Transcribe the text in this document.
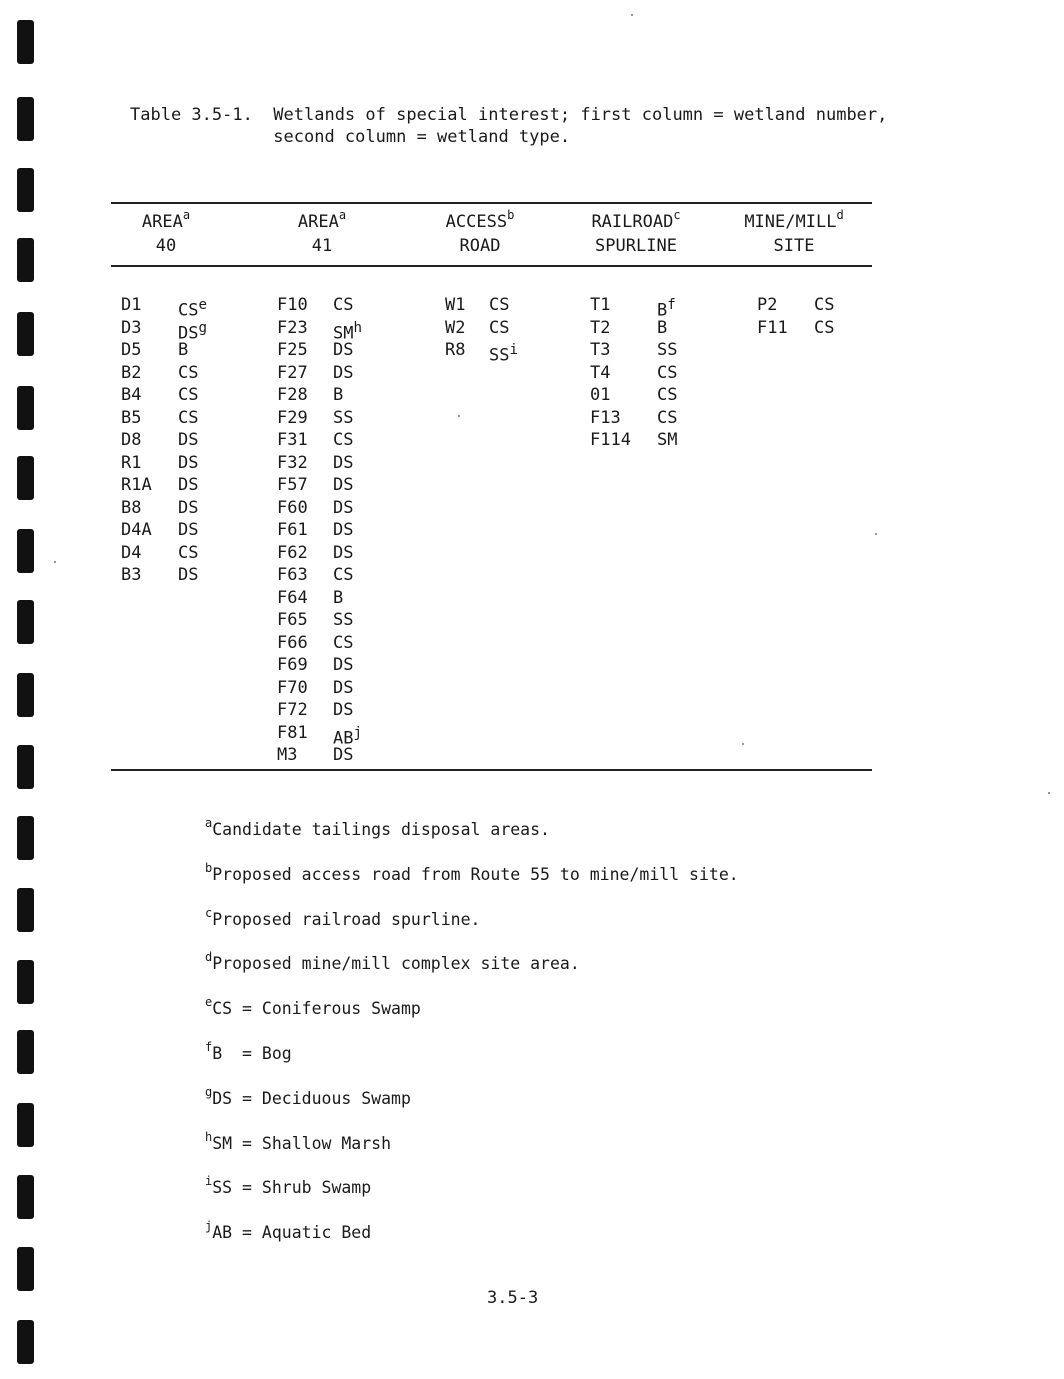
Table 3.5-1.  Wetlands of special interest; first column = wetland number,
second column = wetland type.
AREA$^a$
40
AREA$^a$
41
ACCESS$^b$
ROAD
RAILROAD$^c$
SPURLINE
MINE/MILL$^d$
SITE
D1 $CS^e$
D3 $DS^g$
D5 B
B2 CS
B4 CS
B5 CS
D8 DS
R1 DS
R1A DS
B8 DS
D4A DS
D4 CS
B3 DS
F10 CS
F23 $SM^h$
F25 DS
F27 DS
F28 B
F29 SS
F31 CS
F32 DS
F57 DS
F60 DS
F61 DS
F62 DS
F63 CS
F64 B
F65 SS
F66 CS
F69 DS
F70 DS
F72 DS
F81 $AB^j$
M3 DS
W1 CS
W2 CS
R8 $SS^i$
T1	$B^f$
T2	B
T3	SS
T4	CS
01	CS
F13 CS
F114 SM
P2 CS
F11 CS
$^a$Candidate tailings disposal areas.
$^b$Proposed access road from Route 55 to mine/mill site.
$^c$Proposed railroad spurline.
$^d$Proposed mine/mill complex site area.
$^e$CS = Coniferous Swamp
$^f$B  = Bog
$^g$DS = Deciduous Swamp
$^h$SM = Shallow Marsh
$^i$SS = Shrub Swamp
$^j$AB = Aquatic Bed
3.5-3
